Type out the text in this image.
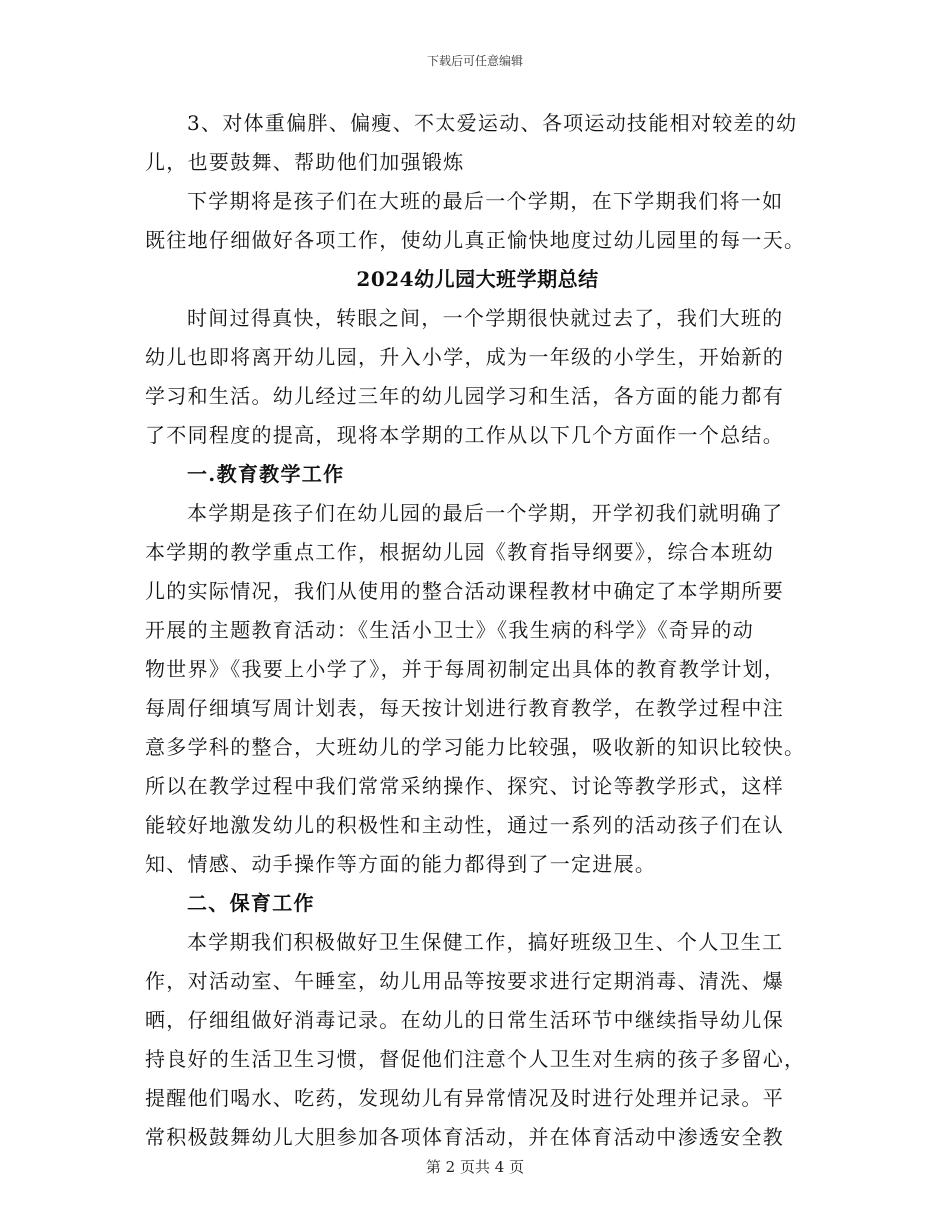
下载后可任意编辑
3、对体重偏胖、偏瘦、不太爱运动、各项运动技能相对较差的幼
儿，也要鼓舞、帮助他们加强锻炼
下学期将是孩子们在大班的最后一个学期，在下学期我们将一如
既往地仔细做好各项工作，使幼儿真正愉快地度过幼儿园里的每一天。
2024幼儿园大班学期总结
时间过得真快，转眼之间，一个学期很快就过去了，我们大班的
幼儿也即将离开幼儿园，升入小学，成为一年级的小学生，开始新的
学习和生活。幼儿经过三年的幼儿园学习和生活，各方面的能力都有
了不同程度的提高，现将本学期的工作从以下几个方面作一个总结。
一.教育教学工作
本学期是孩子们在幼儿园的最后一个学期，开学初我们就明确了
本学期的教学重点工作，根据幼儿园《教育指导纲要》，综合本班幼
儿的实际情况，我们从使用的整合活动课程教材中确定了本学期所要
开展的主题教育活动：《生活小卫士》《我生病的科学》《奇异的动
物世界》《我要上小学了》，并于每周初制定出具体的教育教学计划，
每周仔细填写周计划表，每天按计划进行教育教学，在教学过程中注
意多学科的整合，大班幼儿的学习能力比较强，吸收新的知识比较快。
所以在教学过程中我们常常采纳操作、探究、讨论等教学形式，这样
能较好地激发幼儿的积极性和主动性，通过一系列的活动孩子们在认
知、情感、动手操作等方面的能力都得到了一定进展。
二、保育工作
本学期我们积极做好卫生保健工作，搞好班级卫生、个人卫生工
作，对活动室、午睡室，幼儿用品等按要求进行定期消毒、清洗、爆
晒，仔细组做好消毒记录。在幼儿的日常生活环节中继续指导幼儿保
持良好的生活卫生习惯，督促他们注意个人卫生对生病的孩子多留心，
提醒他们喝水、吃药，发现幼儿有异常情况及时进行处理并记录。平
常积极鼓舞幼儿大胆参加各项体育活动，并在体育活动中渗透安全教
第 2 页共 4 页
